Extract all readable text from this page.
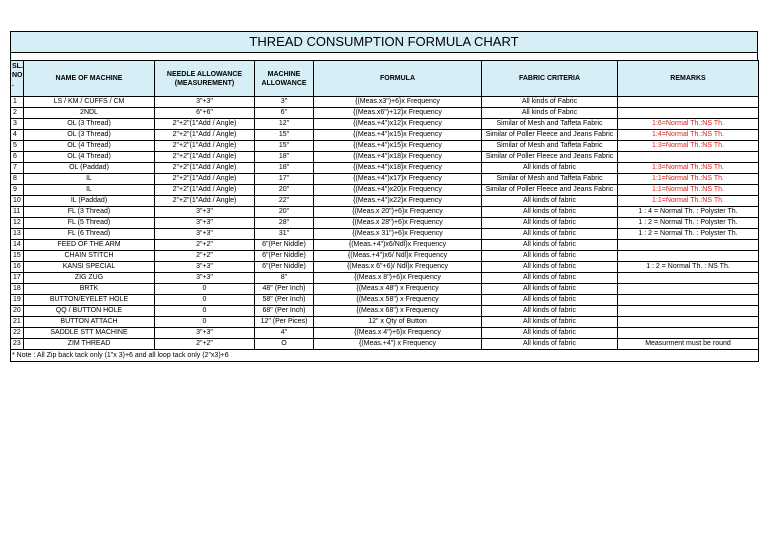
THREAD CONSUMPTION FORMULA CHART
SL. NO .	NAME OF MACHINE	NEEDLE ALLOWANCE (MEASUREMENT)	MACHINE ALLOWANCE	FORMULA	FABRIC CRITERIA	REMARKS
1	LS / KM / CUFFS / CM	3"+3"	3"	{(Meas.x3")+6}x Frequency	All kinds of Fabric	
2	2NDL	6"+6"	6"	{(Meas.x6")+12}x Frequency	All kinds of Fabric	
3	OL (3 Thread)	2"+2"(1"Add / Angle)	12"	{(Meas.+4")x12}x Frequency	Similar of Mesh and Taffeta Fabric	1:6=Normal Th.:NS Th.
4	OL (3 Thread)	2"+2"(1"Add / Angle)	15"	{(Meas.+4")x15}x Frequency	Similar of Poller Fleece and Jeans Fabric	1:4=Normal Th.:NS Th.
5	OL (4 Thread)	2"+2"(1"Add / Angle)	15"	{(Meas.+4")x15}x Frequency	Similar of Mesh and Taffeta Fabric	1:3=Normal Th.:NS Th.
6	OL (4 Thread)	2"+2"(1"Add / Angle)	18"	{(Meas.+4")x18}x Frequency	Similar of Poller Fleece and Jeans Fabric	
7	OL (Paddad)	2"+2"(1"Add / Angle)	18"	{(Meas.+4")x18}x Frequency	All kinds of fabric	1:3=Normal Th.:NS Th.
8	IL	2"+2"(1"Add / Angle)	17"	{(Meas.+4")x17}x Frequency	Similar of Mesh and Taffeta Fabric	1:1=Normal Th.:NS Th.
9	IL	2"+2"(1"Add / Angle)	20"	{(Meas.+4")x20}x Frequency	Similar of Poller Fleece and Jeans Fabric	1:1=Normal Th.:NS Th.
10	IL (Paddad)	2"+2"(1"Add / Angle)	22"	{(Meas.+4")x22}x Frequency	All kinds of fabric	1:1=Normal Th.:NS Th.
11	FL (3 Thread)	3"+3"	20"	{(Meas.x 20")+6}x Frequency	All kinds of fabric	1 : 4 = Normal Th. : Polyster Th.
12	FL (5 Thread)	3"+3"	28"	{(Meas.x 28")+6}x Frequency	All kinds of fabric	1 : 2 = Normal Th. : Polyster Th.
13	FL (6 Thread)	3"+3"	31"	{(Meas.x 31")+6}x Frequency	All kinds of fabric	1 : 2 = Normal Th. : Polyster Th.
14	FEED OF THE ARM	2"+2"	6"(Per Niddle)	{(Meas.+4")x6/Ndl}x Frequency	All kinds of fabric	
15	CHAIN STITCH	2"+2"	6"(Per Niddle)	{(Meas.+4")x6/ Ndl}x Frequency	All kinds of fabric	
16	KANSI SPECIAL	3"+3"	6"(Per Niddle)	{(Meas.x 6"+6)/ Ndl}x Frequency	All kinds of fabric	1 : 2 = Normal Th. : NS Th.
17	ZIG ZUG	3"+3"	8"	{(Meas.x 8")+6}x Frequency	All kinds of fabric	
18	BRTK	0	48" (Per Inch)	{(Meas.x 48") x Frequency	All kinds of fabric	
19	BUTTON/EYELET HOLE	0	58" (Per Inch)	{(Meas.x 58") x Frequency	All kinds of fabric	
20	QQ / BUTTON HOLE	0	68" (Per Inch)	{(Meas.x 68") x Frequency	All kinds of fabric	
21	BUTTON ATTACH	0	12" (Per Pices)	12" x Qty of Button	All kinds of fabric	
22	SADDLE STT MACHINE	3"+3"	4"	{(Meas.x 4")+6}x Frequency	All kinds of fabric	
23	ZIM THREAD	2"+2"	O	{(Meas.+4") x Frequency	All kinds of fabric	Measurment must be round
* Note : All Zip back tack only (1"x 3)+6 and all loop tack only (2"x3)+6
